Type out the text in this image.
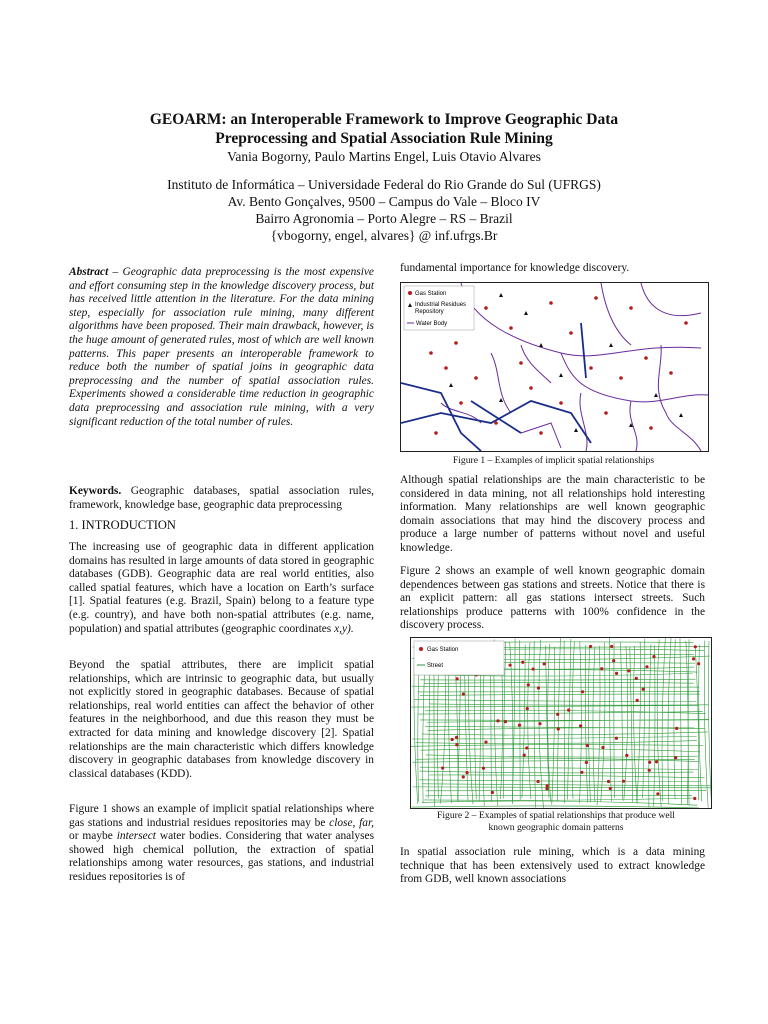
GEOARM: an Interoperable Framework to Improve Geographic Data
Preprocessing and Spatial Association Rule Mining
Vania Bogorny, Paulo Martins Engel, Luis Otavio Alvares
Instituto de Informática – Universidade Federal do Rio Grande do Sul (UFRGS)
Av. Bento Gonçalves, 9500 – Campus do Vale – Bloco IV
Bairro Agronomia – Porto Alegre – RS – Brazil
{vbogorny, engel, alvares} @ inf.ufrgs.Br
Abstract – Geographic data preprocessing is the most expensive and effort consuming step in the knowledge discovery process, but has received little attention in the literature. For the data mining step, especially for association rule mining, many different algorithms have been proposed. Their main drawback, however, is the huge amount of generated rules, most of which are well known patterns. This paper presents an interoperable framework to reduce both the number of spatial joins in geographic data preprocessing and the number of spatial association rules. Experiments showed a considerable time reduction in geographic data preprocessing and association rule mining, with a very significant reduction of the total number of rules.
Keywords. Geographic databases, spatial association rules, framework, knowledge base, geographic data preprocessing
1. INTRODUCTION
The increasing use of geographic data in different application domains has resulted in large amounts of data stored in geographic databases (GDB). Geographic data are real world entities, also called spatial features, which have a location on Earth’s surface [1]. Spatial features (e.g. Brazil, Spain) belong to a feature type (e.g. country), and have both non-spatial attributes (e.g. name, population) and spatial attributes (geographic coordinates x,y).
Beyond the spatial attributes, there are implicit spatial relationships, which are intrinsic to geographic data, but usually not explicitly stored in geographic databases. Because of spatial relationships, real world entities can affect the behavior of other features in the neighborhood, and due this reason they must be extracted for data mining and knowledge discovery [2]. Spatial relationships are the main characteristic which differs knowledge discovery in geographic databases from knowledge discovery in classical databases (KDD).
Figure 1 shows an example of implicit spatial relationships where gas stations and industrial residues repositories may be close, far, or maybe intersect water bodies. Considering that water analyses showed high chemical pollution, the extraction of spatial relationships among water resources, gas stations, and industrial residues repositories is of
fundamental importance for knowledge discovery.
Gas Station
Industrial Residues
Repository
Water Body
Figure 1 – Examples of implicit spatial relationships
Although spatial relationships are the main characteristic to be considered in data mining, not all relationships hold interesting information. Many relationships are well known geographic domain associations that may hind the discovery process and produce a large number of patterns without novel and useful knowledge.
Figure 2 shows an example of well known geographic domain dependences between gas stations and streets. Notice that there is an explicit pattern: all gas stations intersect streets. Such relationships produce patterns with 100% confidence in the discovery process.
Gas Station
Street
Figure 2 – Examples of spatial relationships that produce well
known geographic domain patterns
In spatial association rule mining, which is a data mining technique that has been extensively used to extract knowledge from GDB, well known associations
